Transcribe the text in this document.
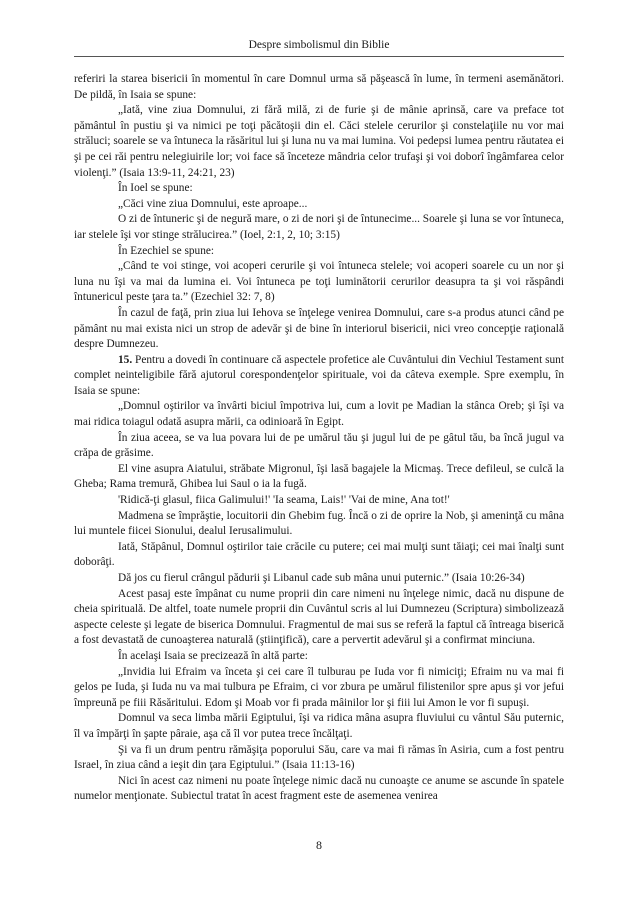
Despre simbolismul din Biblie

referiri la starea bisericii în momentul în care Domnul urma să păşească în lume, în termeni asemănători. De pildă, în Isaia se spune:

„Iată, vine ziua Domnului, zi fără milă, zi de furie şi de mânie aprinsă, care va preface tot pământul în pustiu şi va nimici pe toţi păcătoşii din el. Căci stelele cerurilor şi constelaţiile nu vor mai străluci; soarele se va întuneca la răsăritul lui şi luna nu va mai lumina. Voi pedepsi lumea pentru răutatea ei şi pe cei răi pentru nelegiuirile lor; voi face să înceteze mândria celor trufaşi şi voi doborî îngâmfarea celor violenţi.” (Isaia 13:9-11, 24:21, 23)

În Ioel se spune:

„Căci vine ziua Domnului, este aproape...

O zi de întuneric şi de negură mare, o zi de nori şi de întunecime... Soarele şi luna se vor întuneca, iar stelele îşi vor stinge strălucirea.” (Ioel, 2:1, 2, 10; 3:15)

În Ezechiel se spune:

„Când te voi stinge, voi acoperi cerurile şi voi întuneca stelele; voi acoperi soarele cu un nor şi luna nu îşi va mai da lumina ei. Voi întuneca pe toţi luminătorii cerurilor deasupra ta şi voi răspândi întunericul peste ţara ta.” (Ezechiel 32: 7, 8)

În cazul de faţă, prin ziua lui Iehova se înţelege venirea Domnului, care s-a produs atunci când pe pământ nu mai exista nici un strop de adevăr şi de bine în interiorul bisericii, nici vreo concepţie raţională despre Dumnezeu.

15. Pentru a dovedi în continuare că aspectele profetice ale Cuvântului din Vechiul Testament sunt complet neinteligibile fără ajutorul corespondenţelor spirituale, voi da câteva exemple. Spre exemplu, în Isaia se spune:

„Domnul oştirilor va învârti biciul împotriva lui, cum a lovit pe Madian la stânca Oreb; şi îşi va mai ridica toiagul odată asupra mării, ca odinioară în Egipt.

În ziua aceea, se va lua povara lui de pe umărul tău şi jugul lui de pe gâtul tău, ba încă jugul va crăpa de grăsime.

El vine asupra Aiatului, străbate Migronul, îşi lasă bagajele la Micmaş. Trece defileul, se culcă la Gheba; Rama tremură, Ghibea lui Saul o ia la fugă.

'Ridică-ţi glasul, fiica Galimului!' 'Ia seama, Lais!' 'Vai de mine, Ana tot!'

Madmena se împrăştie, locuitorii din Ghebim fug. Încă o zi de oprire la Nob, şi ameninţă cu mâna lui muntele fiicei Sionului, dealul Ierusalimului.

Iată, Stăpânul, Domnul oştirilor taie crăcile cu putere; cei mai mulţi sunt tăiaţi; cei mai înalţi sunt doborâţi.

Dă jos cu fierul crângul pădurii şi Libanul cade sub mâna unui puternic.” (Isaia 10:26-34)

Acest pasaj este împânat cu nume proprii din care nimeni nu înţelege nimic, dacă nu dispune de cheia spirituală. De altfel, toate numele proprii din Cuvântul scris al lui Dumnezeu (Scriptura) simbolizează aspecte celeste şi legate de biserica Domnului. Fragmentul de mai sus se referă la faptul că întreaga biserică a fost devastată de cunoaşterea naturală (ştiinţifică), care a pervertit adevărul şi a confirmat minciuna.

În acelaşi Isaia se precizează în altă parte:

„Invidia lui Efraim va înceta şi cei care îl tulburau pe Iuda vor fi nimiciţi; Efraim nu va mai fi gelos pe Iuda, şi Iuda nu va mai tulbura pe Efraim, ci vor zbura pe umărul filistenilor spre apus şi vor jefui împreună pe fiii Răsăritului. Edom şi Moab vor fi prada mâinilor lor şi fiii lui Amon le vor fi supuşi.

Domnul va seca limba mării Egiptului, îşi va ridica mâna asupra fluviului cu vântul Său puternic, îl va împărţi în şapte pâraie, aşa că îl vor putea trece încălţaţi.

Şi va fi un drum pentru rămăşiţa poporului Său, care va mai fi rămas în Asiria, cum a fost pentru Israel, în ziua când a ieşit din ţara Egiptului.” (Isaia 11:13-16)

Nici în acest caz nimeni nu poate înţelege nimic dacă nu cunoaşte ce anume se ascunde în spatele numelor menţionate. Subiectul tratat în acest fragment este de asemenea venirea

8
